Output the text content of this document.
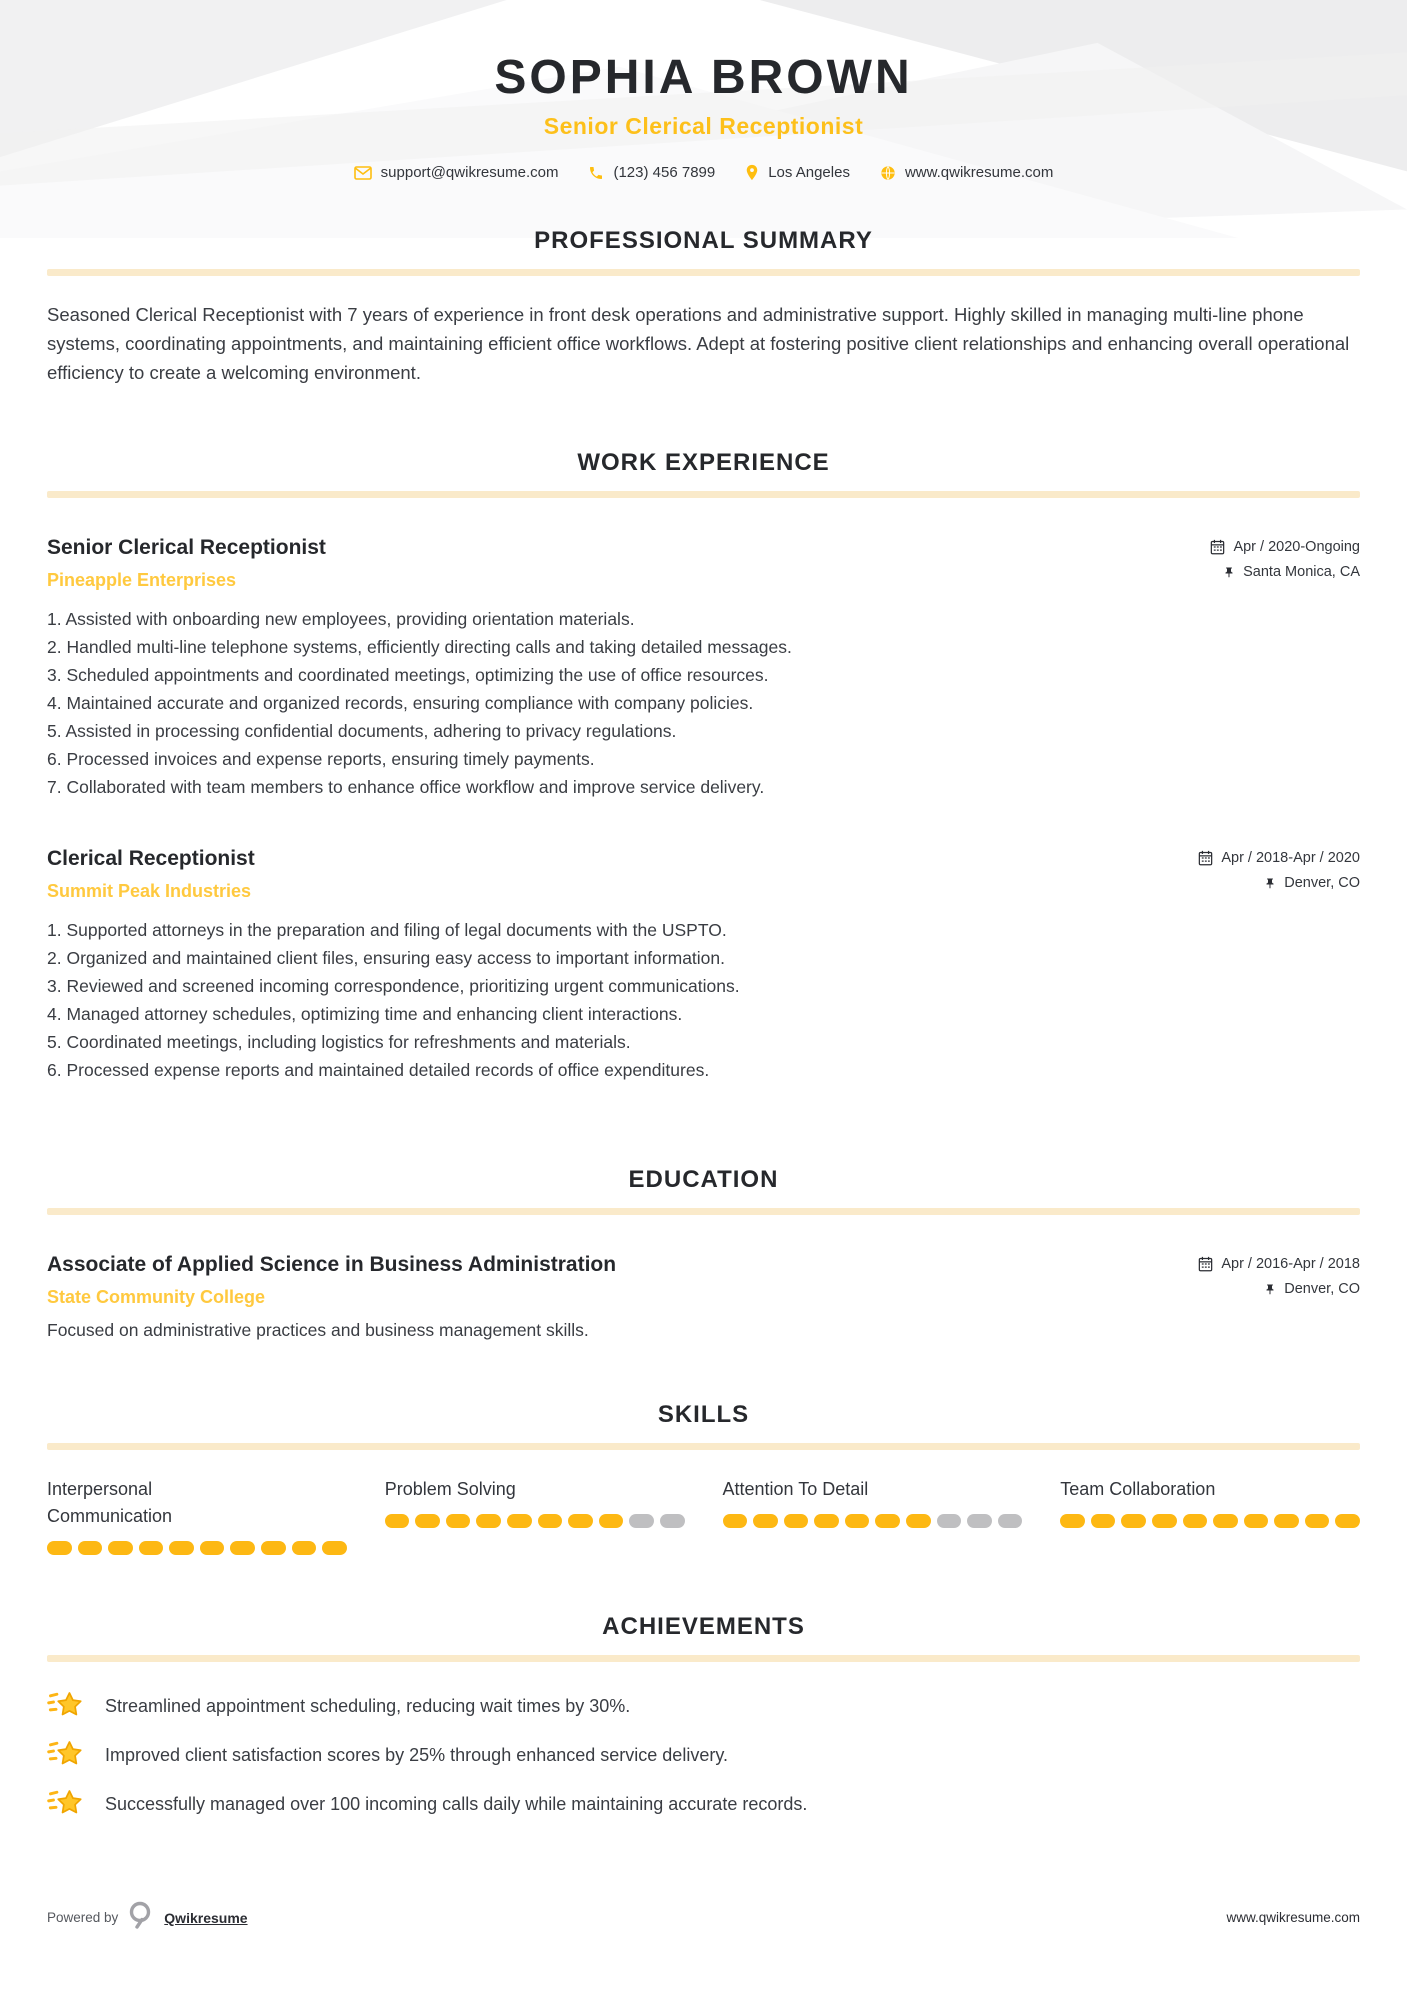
SOPHIA BROWN
Senior Clerical Receptionist
support@qwikresume.com	(123) 456 7899	Los Angeles	www.qwikresume.com
PROFESSIONAL SUMMARY

Seasoned Clerical Receptionist with 7 years of experience in front desk operations and administrative support. Highly skilled in managing multi-line phone systems, coordinating appointments, and maintaining efficient office workflows. Adept at fostering positive client relationships and enhancing overall operational efficiency to create a welcoming environment.

WORK EXPERIENCE
Senior Clerical Receptionist
Pineapple Enterprises
Apr / 2020-Ongoing
Santa Monica, CA
Assisted with onboarding new employees, providing orientation materials.
Handled multi-line telephone systems, efficiently directing calls and taking detailed messages.
Scheduled appointments and coordinated meetings, optimizing the use of office resources.
Maintained accurate and organized records, ensuring compliance with company policies.
Assisted in processing confidential documents, adhering to privacy regulations.
Processed invoices and expense reports, ensuring timely payments.
Collaborated with team members to enhance office workflow and improve service delivery.
Clerical Receptionist
Summit Peak Industries
Apr / 2018-Apr / 2020
Denver, CO
Supported attorneys in the preparation and filing of legal documents with the USPTO.
Organized and maintained client files, ensuring easy access to important information.
Reviewed and screened incoming correspondence, prioritizing urgent communications.
Managed attorney schedules, optimizing time and enhancing client interactions.
Coordinated meetings, including logistics for refreshments and materials.
Processed expense reports and maintained detailed records of office expenditures.
EDUCATION
Associate of Applied Science in Business Administration
State Community College
Apr / 2016-Apr / 2018
Denver, CO
Focused on administrative practices and business management skills.
SKILLS
Interpersonal Communication
Problem Solving	Attention To Detail	Team Collaboration
ACHIEVEMENTS
Streamlined appointment scheduling, reducing wait times by 30%.
Improved client satisfaction scores by 25% through enhanced service delivery.
Successfully managed over 100 incoming calls daily while maintaining accurate records.
Powered by	Qwikresume	www.qwikresume.com
